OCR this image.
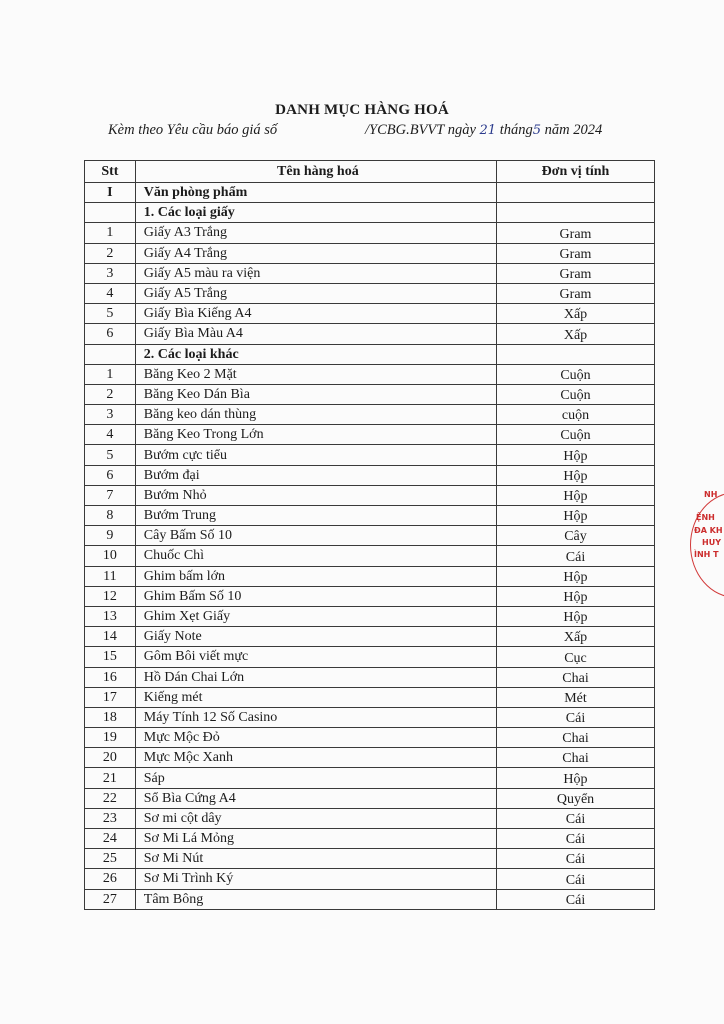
DANH MỤC HÀNG HOÁ
Kèm theo Yêu cầu báo giá số	/YCBG.BVVT ngày 21 tháng5 năm 2024
Stt	Tên hàng hoá	Đơn vị tính
I	Văn phòng phẩm	
	1. Các loại giấy	
1	Giấy A3 Trắng	Gram
2	Giấy A4 Trắng	Gram
3	Giấy A5 màu ra viện	Gram
4	Giấy A5 Trắng	Gram
5	Giấy Bìa Kiếng A4	Xấp
6	Giấy Bìa Màu A4	Xấp
	2. Các loại khác	
1	Băng Keo 2 Mặt	Cuộn
2	Băng Keo Dán Bìa	Cuộn
3	Băng keo dán thùng	cuộn
4	Băng Keo Trong Lớn	Cuộn
5	Bướm cực tiểu	Hộp
6	Bướm đại	Hộp
7	Bướm Nhỏ	Hộp
8	Bướm Trung	Hộp
9	Cây Bấm Số 10	Cây
10	Chuốc Chì	Cái
11	Ghim bấm lớn	Hộp
12	Ghim Bấm Số 10	Hộp
13	Ghim Xẹt Giấy	Hộp
14	Giấy Note	Xấp
15	Gôm Bôi viết mực	Cục
16	Hồ Dán Chai Lớn	Chai
17	Kiếng mét	Mét
18	Máy Tính 12 Số Casino	Cái
19	Mực Mộc Đỏ	Chai
20	Mực Mộc Xanh	Chai
21	Sáp	Hộp
22	Sổ Bìa Cứng A4	Quyển
23	Sơ mi cột dây	Cái
24	Sơ Mi Lá Mỏng	Cái
25	Sơ Mi Nút	Cái
26	Sơ Mi Trình Ký	Cái
27	Tâm Bông	Cái
NH
ỆNH
ĐA KH
HUY
ÌNH T
